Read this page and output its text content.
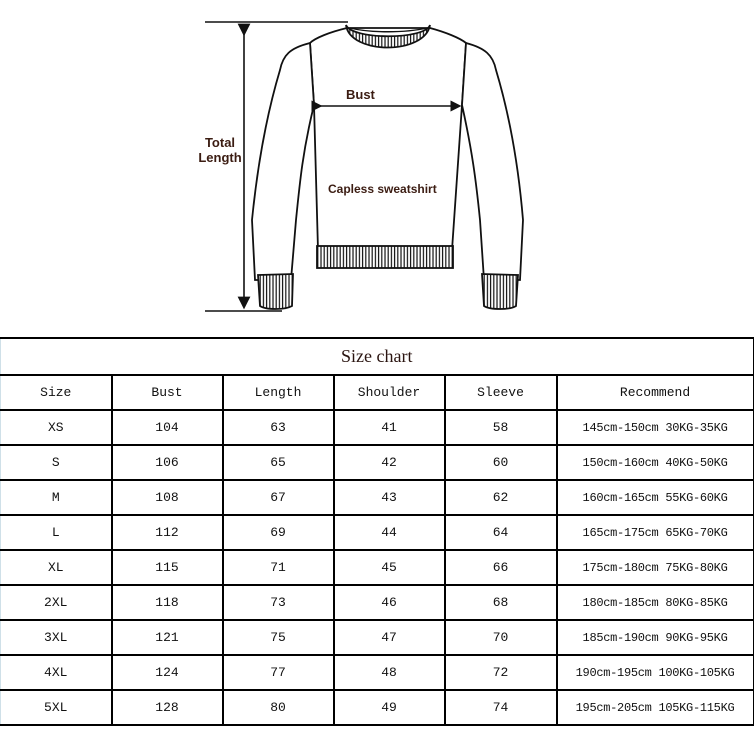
Bust
Total
Length
Capless sweatshirt
Size chart					
Size	Bust	Length	Shoulder	Sleeve	Recommend
XS	104	63	41	58	145cm-150cm 30KG-35KG
S	106	65	42	60	150cm-160cm 40KG-50KG
M	108	67	43	62	160cm-165cm 55KG-60KG
L	112	69	44	64	165cm-175cm 65KG-70KG
XL	115	71	45	66	175cm-180cm 75KG-80KG
2XL	118	73	46	68	180cm-185cm 80KG-85KG
3XL	121	75	47	70	185cm-190cm 90KG-95KG
4XL	124	77	48	72	190cm-195cm 100KG-105KG
5XL	128	80	49	74	195cm-205cm 105KG-115KG
